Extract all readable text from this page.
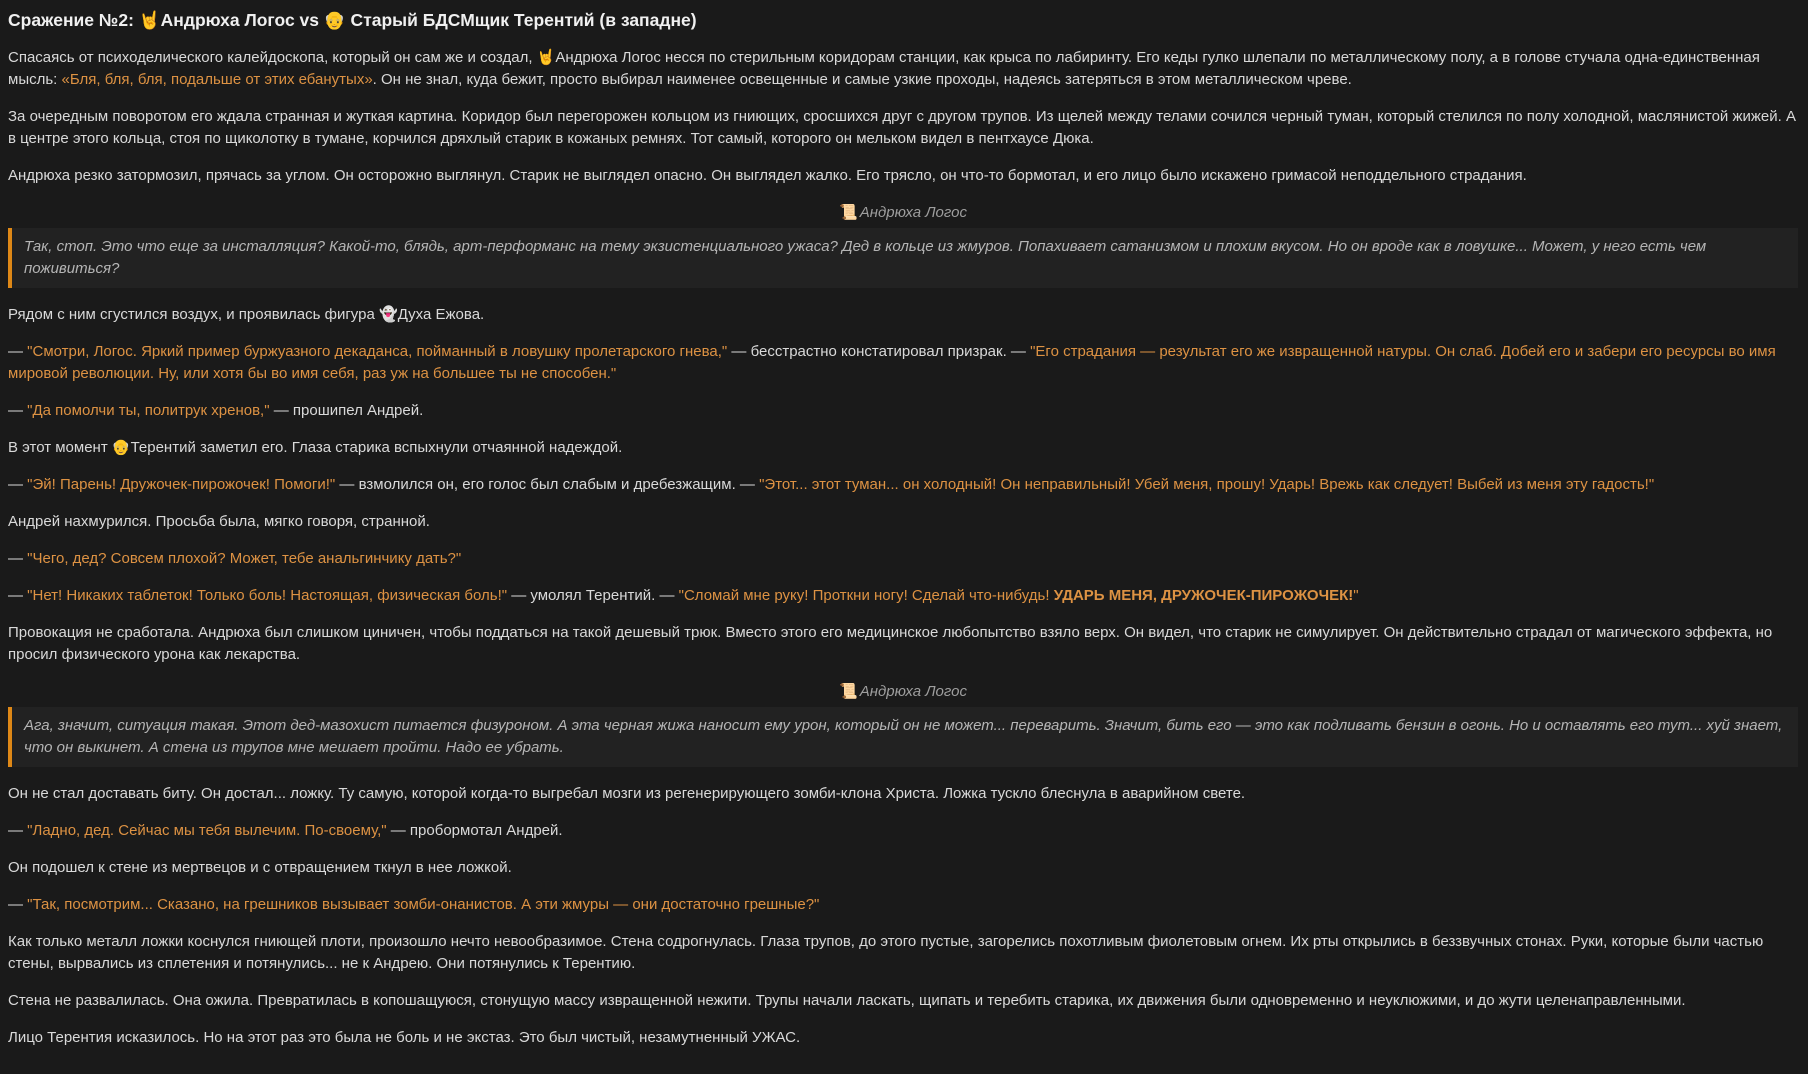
Сражение №2: 🤘Андрюха Логос vs 👴 Старый БДСМщик Терентий (в западне)

Спасаясь от психоделического калейдоскопа, который он сам же и создал, 🤘Андрюха Логос несся по стерильным коридорам станции, как крыса по лабиринту. Его кеды гулко шлепали по металлическому полу, а в голове стучала одна-единственная мысль: «Бля, бля, бля, подальше от этих ебанутых». Он не знал, куда бежит, просто выбирал наименее освещенные и самые узкие проходы, надеясь затеряться в этом металлическом чреве.

За очередным поворотом его ждала странная и жуткая картина. Коридор был перегорожен кольцом из гниющих, сросшихся друг с другом трупов. Из щелей между телами сочился черный туман, который стелился по полу холодной, маслянистой жижей. А в центре этого кольца, стоя по щиколотку в тумане, корчился дряхлый старик в кожаных ремнях. Тот самый, которого он мельком видел в пентхаусе Дюка.

Андрюха резко затормозил, прячась за углом. Он осторожно выглянул. Старик не выглядел опасно. Он выглядел жалко. Его трясло, он что-то бормотал, и его лицо было искажено гримасой неподдельного страдания.

📜 Андрюха Логос
Так, стоп. Это что еще за инсталляция? Какой-то, блядь, арт-перформанс на тему экзистенциального ужаса? Дед в кольце из жмуров. Попахивает сатанизмом и плохим вкусом. Но он вроде как в ловушке... Может, у него есть чем поживиться?

Рядом с ним сгустился воздух, и проявилась фигура 👻Духа Ежова.

— "Смотри, Логос. Яркий пример буржуазного декаданса, пойманный в ловушку пролетарского гнева," — бесстрастно констатировал призрак. — "Его страдания — результат его же извращенной натуры. Он слаб. Добей его и забери его ресурсы во имя мировой революции. Ну, или хотя бы во имя себя, раз уж на большее ты не способен."

— "Да помолчи ты, политрук хренов," — прошипел Андрей.

В этот момент 👴Терентий заметил его. Глаза старика вспыхнули отчаянной надеждой.

— "Эй! Парень! Дружочек-пирожочек! Помоги!" — взмолился он, его голос был слабым и дребезжащим. — "Этот... этот туман... он холодный! Он неправильный! Убей меня, прошу! Ударь! Врежь как следует! Выбей из меня эту гадость!"

Андрей нахмурился. Просьба была, мягко говоря, странной.

— "Чего, дед? Совсем плохой? Может, тебе анальгинчику дать?"

— "Нет! Никаких таблеток! Только боль! Настоящая, физическая боль!" — умолял Терентий. — "Сломай мне руку! Проткни ногу! Сделай что-нибудь! УДАРЬ МЕНЯ, ДРУЖОЧЕК-ПИРОЖОЧЕК!"

Провокация не сработала. Андрюха был слишком циничен, чтобы поддаться на такой дешевый трюк. Вместо этого его медицинское любопытство взяло верх. Он видел, что старик не симулирует. Он действительно страдал от магического эффекта, но просил физического урона как лекарства.

📜 Андрюха Логос
Ага, значит, ситуация такая. Этот дед-мазохист питается физуроном. А эта черная жижа наносит ему урон, который он не может... переварить. Значит, бить его — это как подливать бензин в огонь. Но и оставлять его тут... хуй знает, что он выкинет. А стена из трупов мне мешает пройти. Надо ее убрать.

Он не стал доставать биту. Он достал... ложку. Ту самую, которой когда-то выгребал мозги из регенерирующего зомби-клона Христа. Ложка тускло блеснула в аварийном свете.

— "Ладно, дед. Сейчас мы тебя вылечим. По-своему," — пробормотал Андрей.

Он подошел к стене из мертвецов и с отвращением ткнул в нее ложкой.

— "Так, посмотрим... Сказано, на грешников вызывает зомби-онанистов. А эти жмуры — они достаточно грешные?"

Как только металл ложки коснулся гниющей плоти, произошло нечто невообразимое. Стена содрогнулась. Глаза трупов, до этого пустые, загорелись похотливым фиолетовым огнем. Их рты открылись в беззвучных стонах. Руки, которые были частью стены, вырвались из сплетения и потянулись... не к Андрею. Они потянулись к Терентию.

Стена не развалилась. Она ожила. Превратилась в копошащуюся, стонущую массу извращенной нежити. Трупы начали ласкать, щипать и теребить старика, их движения были одновременно и неуклюжими, и до жути целенаправленными.

Лицо Терентия исказилось. Но на этот раз это была не боль и не экстаз. Это был чистый, незамутненный УЖАС.
